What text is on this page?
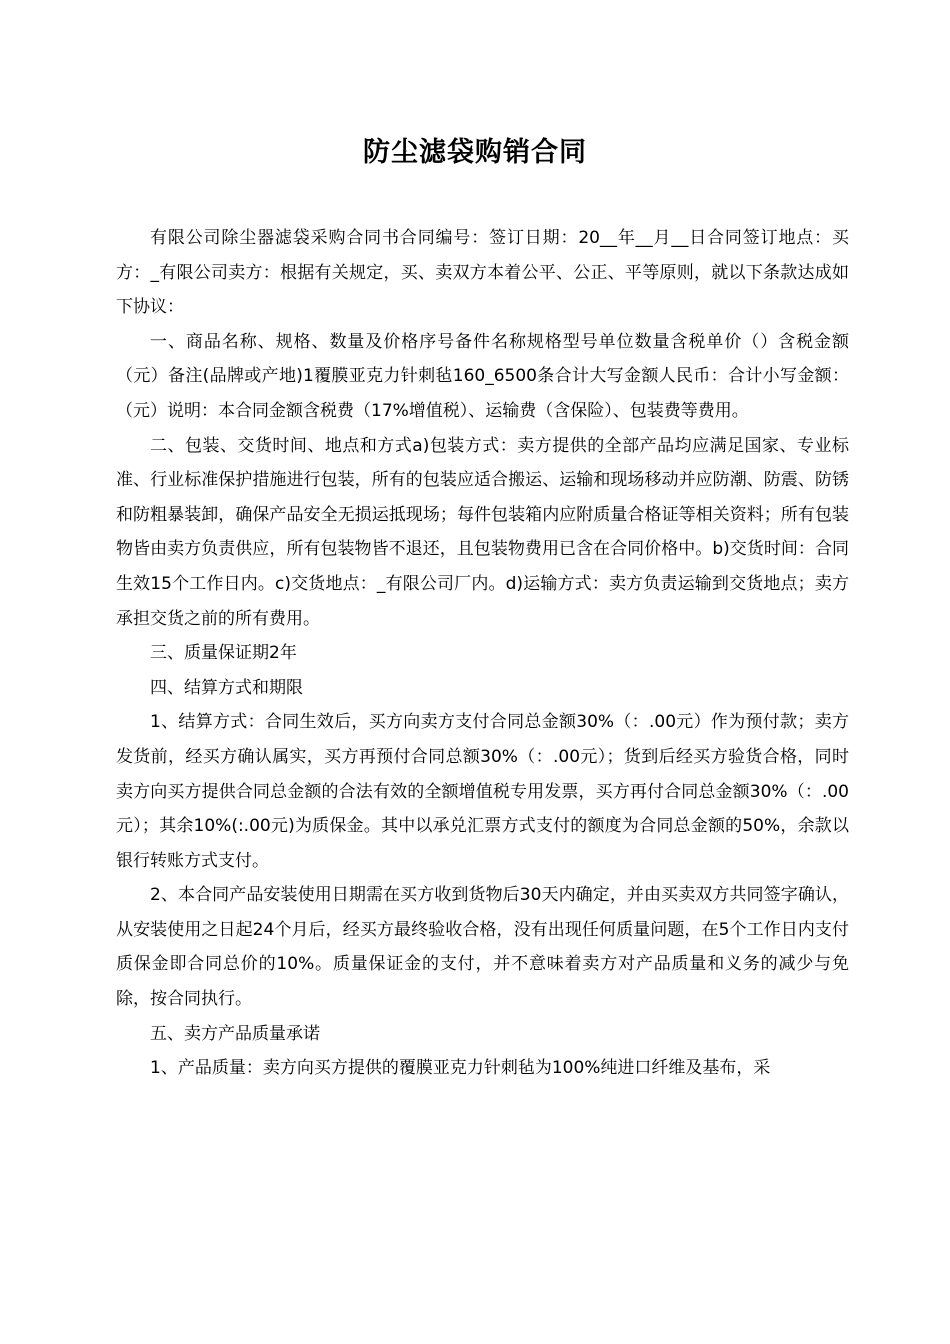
防尘滤袋购销合同

有限公司除尘器滤袋采购合同书合同编号：签订日期：20__年__月__日合同签订地点：买方：_有限公司卖方：根据有关规定，买、卖双方本着公平、公正、平等原则，就以下条款达成如下协议：

一、商品名称、规格、数量及价格序号备件名称规格型号单位数量含税单价（）含税金额（元）备注(品牌或产地)1覆膜亚克力针刺毡160_6500条合计大写金额人民币：合计小写金额：（元）说明：本合同金额含税费（17%增值税）、运输费（含保险）、包装费等费用。

二、包装、交货时间、地点和方式a)包装方式：卖方提供的全部产品均应满足国家、专业标准、行业标准保护措施进行包装，所有的包装应适合搬运、运输和现场移动并应防潮、防震、防锈和防粗暴装卸，确保产品安全无损运抵现场；每件包装箱内应附质量合格证等相关资料；所有包装物皆由卖方负责供应，所有包装物皆不退还，且包装物费用已含在合同价格中。b)交货时间：合同生效15个工作日内。c)交货地点：_有限公司厂内。d)运输方式：卖方负责运输到交货地点；卖方承担交货之前的所有费用。

三、质量保证期2年

四、结算方式和期限

1、结算方式：合同生效后，买方向卖方支付合同总金额30%（：.00元）作为预付款；卖方发货前，经买方确认属实，买方再预付合同总额30%（：.00元）；货到后经买方验货合格，同时卖方向买方提供合同总金额的合法有效的全额增值税专用发票，买方再付合同总金额30%（：.00元）；其余10%(:.00元)为质保金。其中以承兑汇票方式支付的额度为合同总金额的50%，余款以银行转账方式支付。

2、本合同产品安装使用日期需在买方收到货物后30天内确定，并由买卖双方共同签字确认，从安装使用之日起24个月后，经买方最终验收合格，没有出现任何质量问题，在5个工作日内支付质保金即合同总价的10%。质量保证金的支付，并不意味着卖方对产品质量和义务的减少与免除，按合同执行。

五、卖方产品质量承诺

1、产品质量：卖方向买方提供的覆膜亚克力针刺毡为100%纯进口纤维及基布，采
